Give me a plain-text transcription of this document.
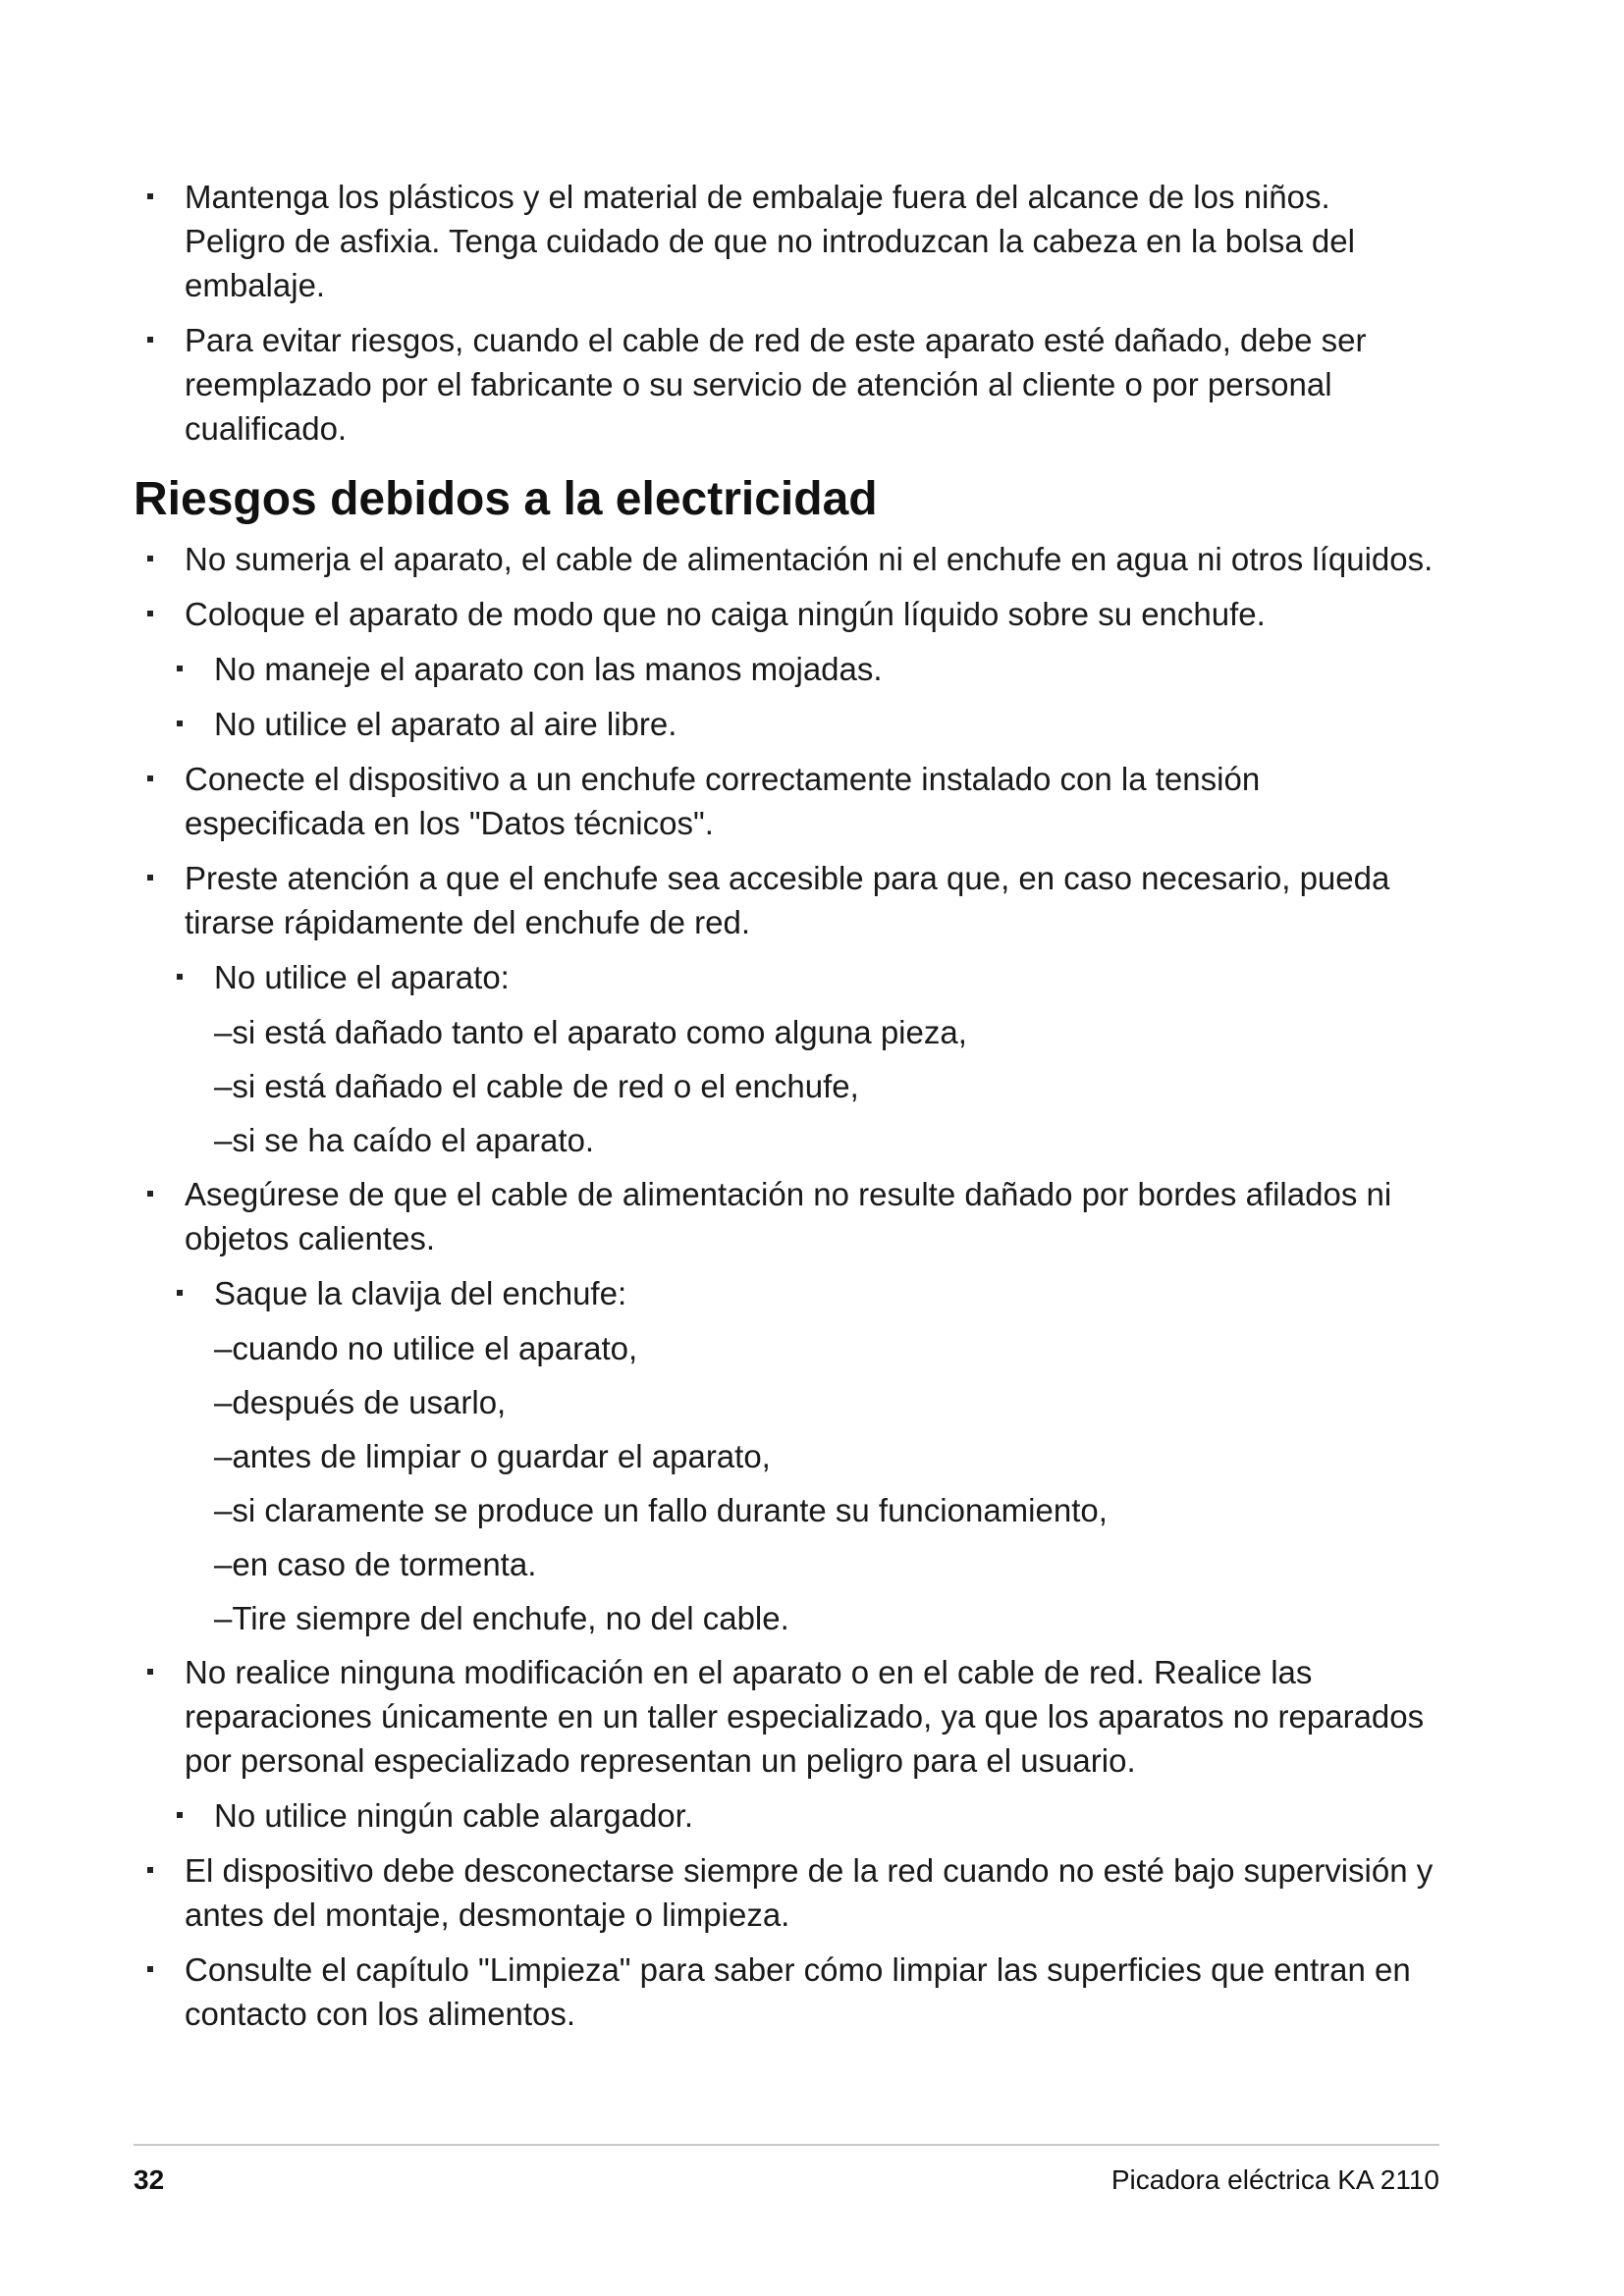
Mantenga los plásticos y el material de embalaje fuera del alcance de los niños. Peligro de asfixia. Tenga cuidado de que no introduzcan la cabeza en la bolsa del embalaje.
Para evitar riesgos, cuando el cable de red de este aparato esté dañado, debe ser reemplazado por el fabricante o su servicio de atención al cliente o por personal cualificado.
Riesgos debidos a la electricidad
No sumerja el aparato, el cable de alimentación ni el enchufe en agua ni otros líquidos.
Coloque el aparato de modo que no caiga ningún líquido sobre su enchufe.
No maneje el aparato con las manos mojadas.
No utilice el aparato al aire libre.
Conecte el dispositivo a un enchufe correctamente instalado con la tensión especificada en los "Datos técnicos".
Preste atención a que el enchufe sea accesible para que, en caso necesario, pueda tirarse rápidamente del enchufe de red.
No utilice el aparato:
–si está dañado tanto el aparato como alguna pieza,
–si está dañado el cable de red o el enchufe,
–si se ha caído el aparato.
Asegúrese de que el cable de alimentación no resulte dañado por bordes afilados ni objetos calientes.
Saque la clavija del enchufe:
–cuando no utilice el aparato,
–después de usarlo,
–antes de limpiar o guardar el aparato,
–si claramente se produce un fallo durante su funcionamiento,
–en caso de tormenta.
–Tire siempre del enchufe, no del cable.
No realice ninguna modificación en el aparato o en el cable de red. Realice las reparaciones únicamente en un taller especializado, ya que los aparatos no reparados por personal especializado representan un peligro para el usuario.
No utilice ningún cable alargador.
El dispositivo debe desconectarse siempre de la red cuando no esté bajo supervisión y antes del montaje, desmontaje o limpieza.
Consulte el capítulo "Limpieza" para saber cómo limpiar las superficies que entran en contacto con los alimentos.
32	Picadora eléctrica KA 2110
